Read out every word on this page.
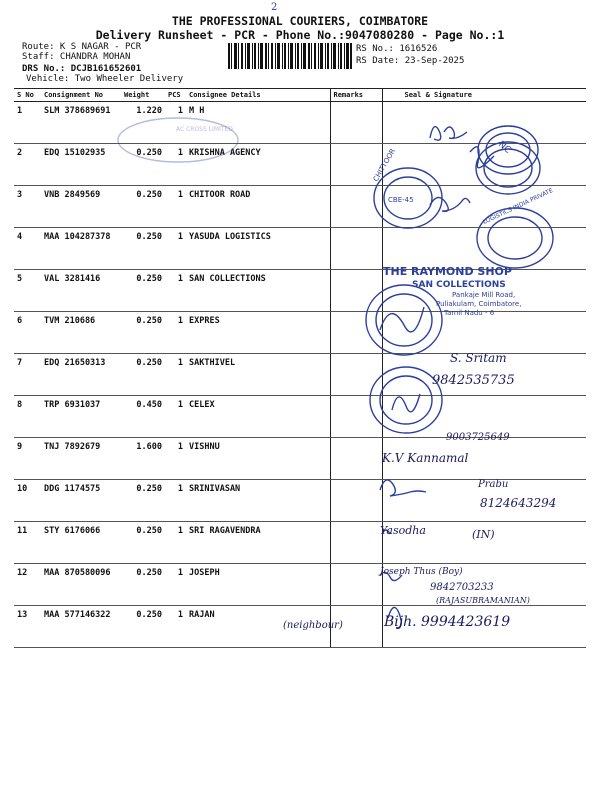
THE PROFESSIONAL COURIERS, COIMBATORE
2
Delivery Runsheet - PCR - Phone No.:9047080280 - Page No.:1
Route: K S NAGAR - PCR
Staff: CHANDRA MOHAN
DRS No.: DCJB161652601
Vehicle: Two Wheeler Delivery
RS No.: 1616526
RS Date: 23-Sep-2025
S No	Consignment No	Weight	PCS	Consignee Details	Remarks	Seal & Signature
1	SLM 378689691	1.220	1	M H		
2	EDQ 15102935	0.250	1	KRISHNA AGENCY		
3	VNB 2849569	0.250	1	CHITOOR ROAD		
4	MAA 104287378	0.250	1	YASUDA LOGISTICS		
5	VAL 3281416	0.250	1	SAN COLLECTIONS		
6	TVM 210686	0.250	1	EXPRES		
7	EDQ 21650313	0.250	1	SAKTHIVEL		
8	TRP 6931037	0.450	1	CELEX		
9	TNJ 7892679	1.600	1	VISHNU		
10	DDG 1174575	0.250	1	SRINIVASAN		
11	STY 6176066	0.250	1	SRI RAGAVENDRA		
12	MAA 870580096	0.250	1	JOSEPH		
13	MAA 577146322	0.250	1	RAJAN		
AC CROSS LIMITED
NC
CBE-45
CHITTOOR
LOGISTICS INDIA PRIVATE
THE RAYMOND SHOP
SAN COLLECTIONS
Pankaje Mill Road,
Puliakulam, Coimbatore,
Tamil Nadu - 6
S. Sritam
9842535735
9003725649
K.V Kannamal
Prabu
8124643294
Yasodha	(IN)
Joseph Thus (Boy)
9842703233
(RAJASUBRAMANIAN)
(neighbour)	Bijh. 9994423619
